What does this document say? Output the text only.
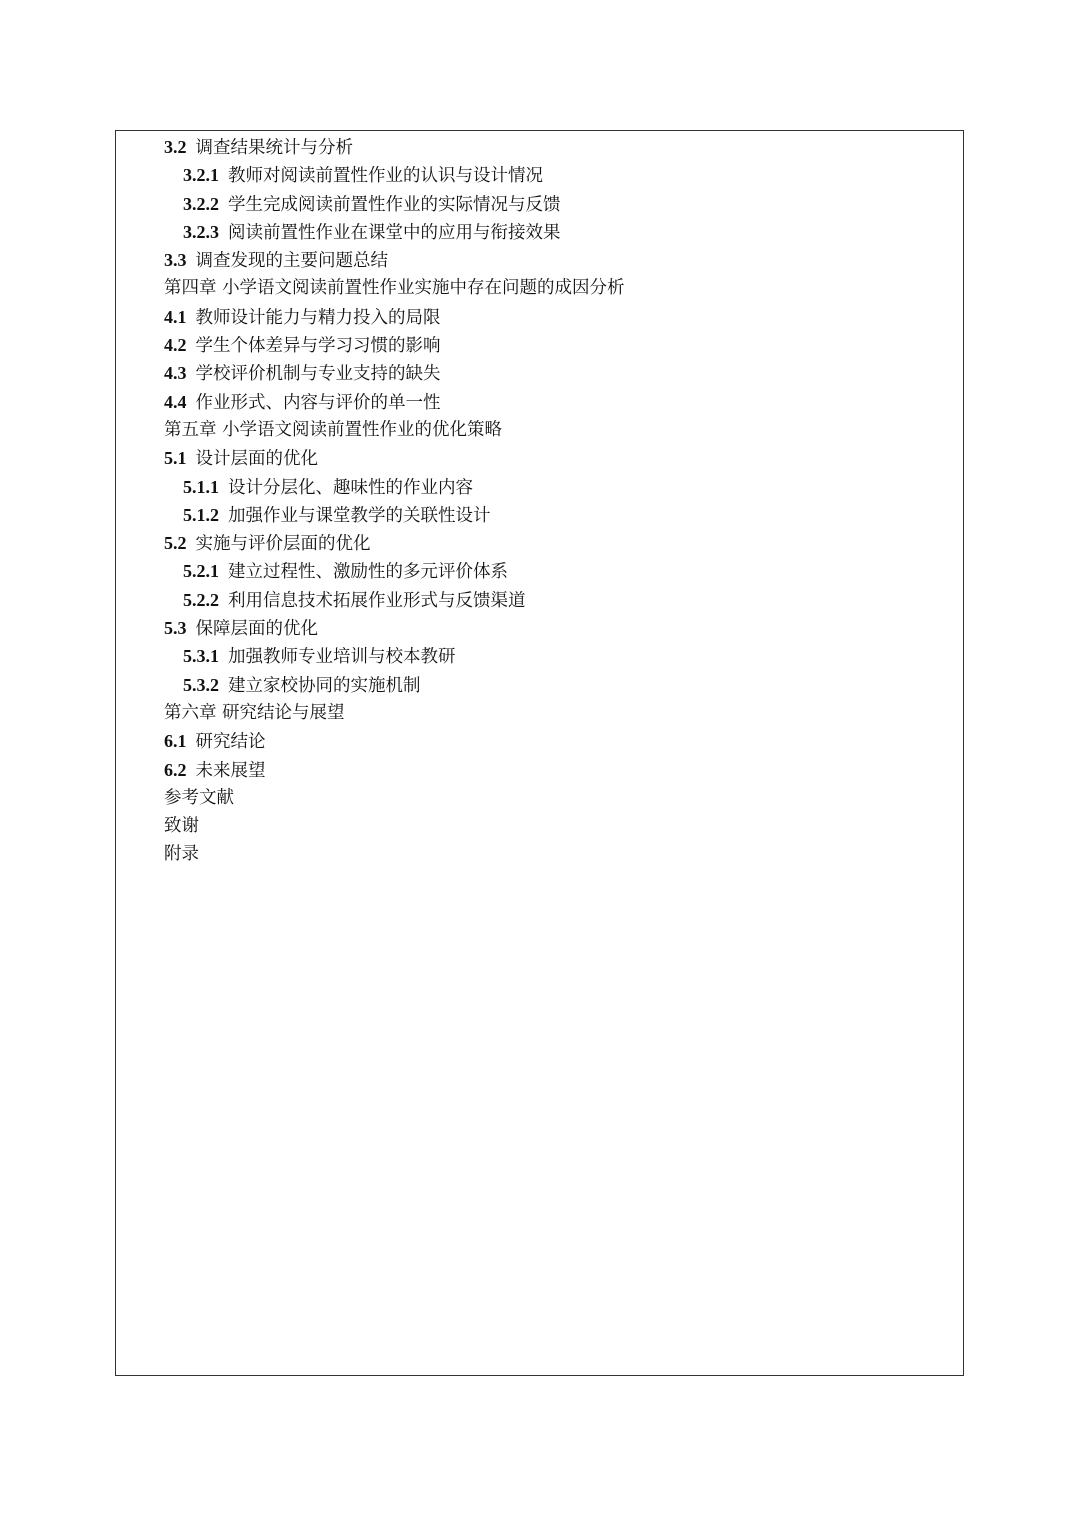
3.2 调查结果统计与分析
3.2.1 教师对阅读前置性作业的认识与设计情况
3.2.2 学生完成阅读前置性作业的实际情况与反馈
3.2.3 阅读前置性作业在课堂中的应用与衔接效果
3.3 调查发现的主要问题总结
第四章 小学语文阅读前置性作业实施中存在问题的成因分析
4.1 教师设计能力与精力投入的局限
4.2 学生个体差异与学习习惯的影响
4.3 学校评价机制与专业支持的缺失
4.4 作业形式、内容与评价的单一性
第五章 小学语文阅读前置性作业的优化策略
5.1 设计层面的优化
5.1.1 设计分层化、趣味性的作业内容
5.1.2 加强作业与课堂教学的关联性设计
5.2 实施与评价层面的优化
5.2.1 建立过程性、激励性的多元评价体系
5.2.2 利用信息技术拓展作业形式与反馈渠道
5.3 保障层面的优化
5.3.1 加强教师专业培训与校本教研
5.3.2 建立家校协同的实施机制
第六章 研究结论与展望
6.1 研究结论
6.2 未来展望
参考文献
致谢
附录
